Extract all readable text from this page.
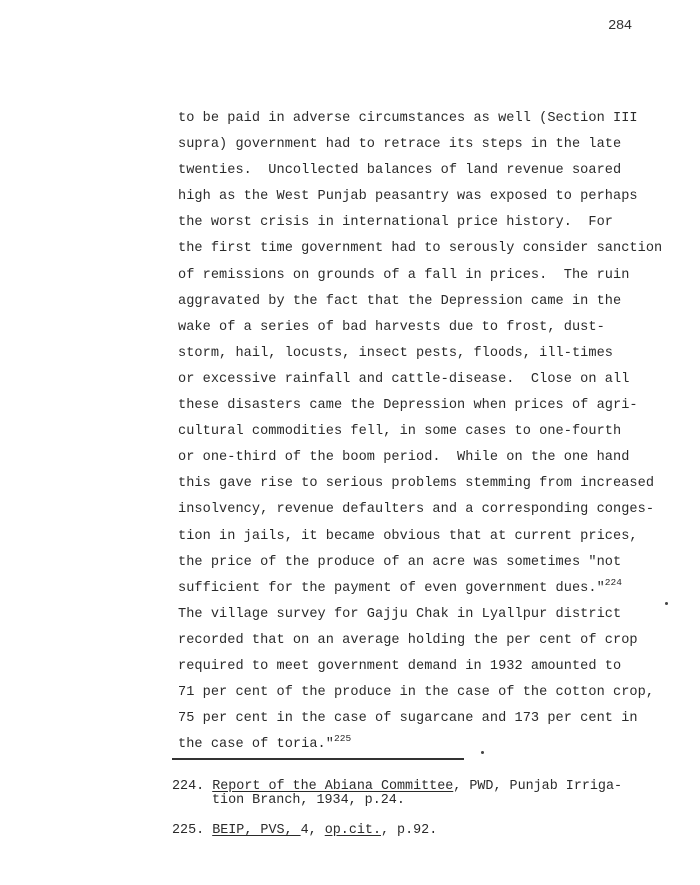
284
to be paid in adverse circumstances as well (Section III
supra) government had to retrace its steps in the late
twenties.  Uncollected balances of land revenue soared
high as the West Punjab peasantry was exposed to perhaps
the worst crisis in international price history.  For
the first time government had to serously consider sanction
of remissions on grounds of a fall in prices.  The ruin
aggravated by the fact that the Depression came in the
wake of a series of bad harvests due to frost, dust-
storm, hail, locusts, insect pests, floods, ill-times
or excessive rainfall and cattle-disease.  Close on all
these disasters came the Depression when prices of agri-
cultural commodities fell, in some cases to one-fourth
or one-third of the boom period.  While on the one hand
this gave rise to serious problems stemming from increased
insolvency, revenue defaulters and a corresponding conges-
tion in jails, it became obvious that at current prices,
the price of the produce of an acre was sometimes "not
sufficient for the payment of even government dues."$^{224}$
The village survey for Gajju Chak in Lyallpur district
recorded that on an average holding the per cent of crop
required to meet government demand in 1932 amounted to
71 per cent of the produce in the case of the cotton crop,
75 per cent in the case of sugarcane and 173 per cent in
the case of toria."$^{225}$
224. Report of the Abiana Committee, PWD, Punjab Irriga-
tion Branch, 1934, p.24.
225. BEIP, PVS, 4, op.cit., p.92.
